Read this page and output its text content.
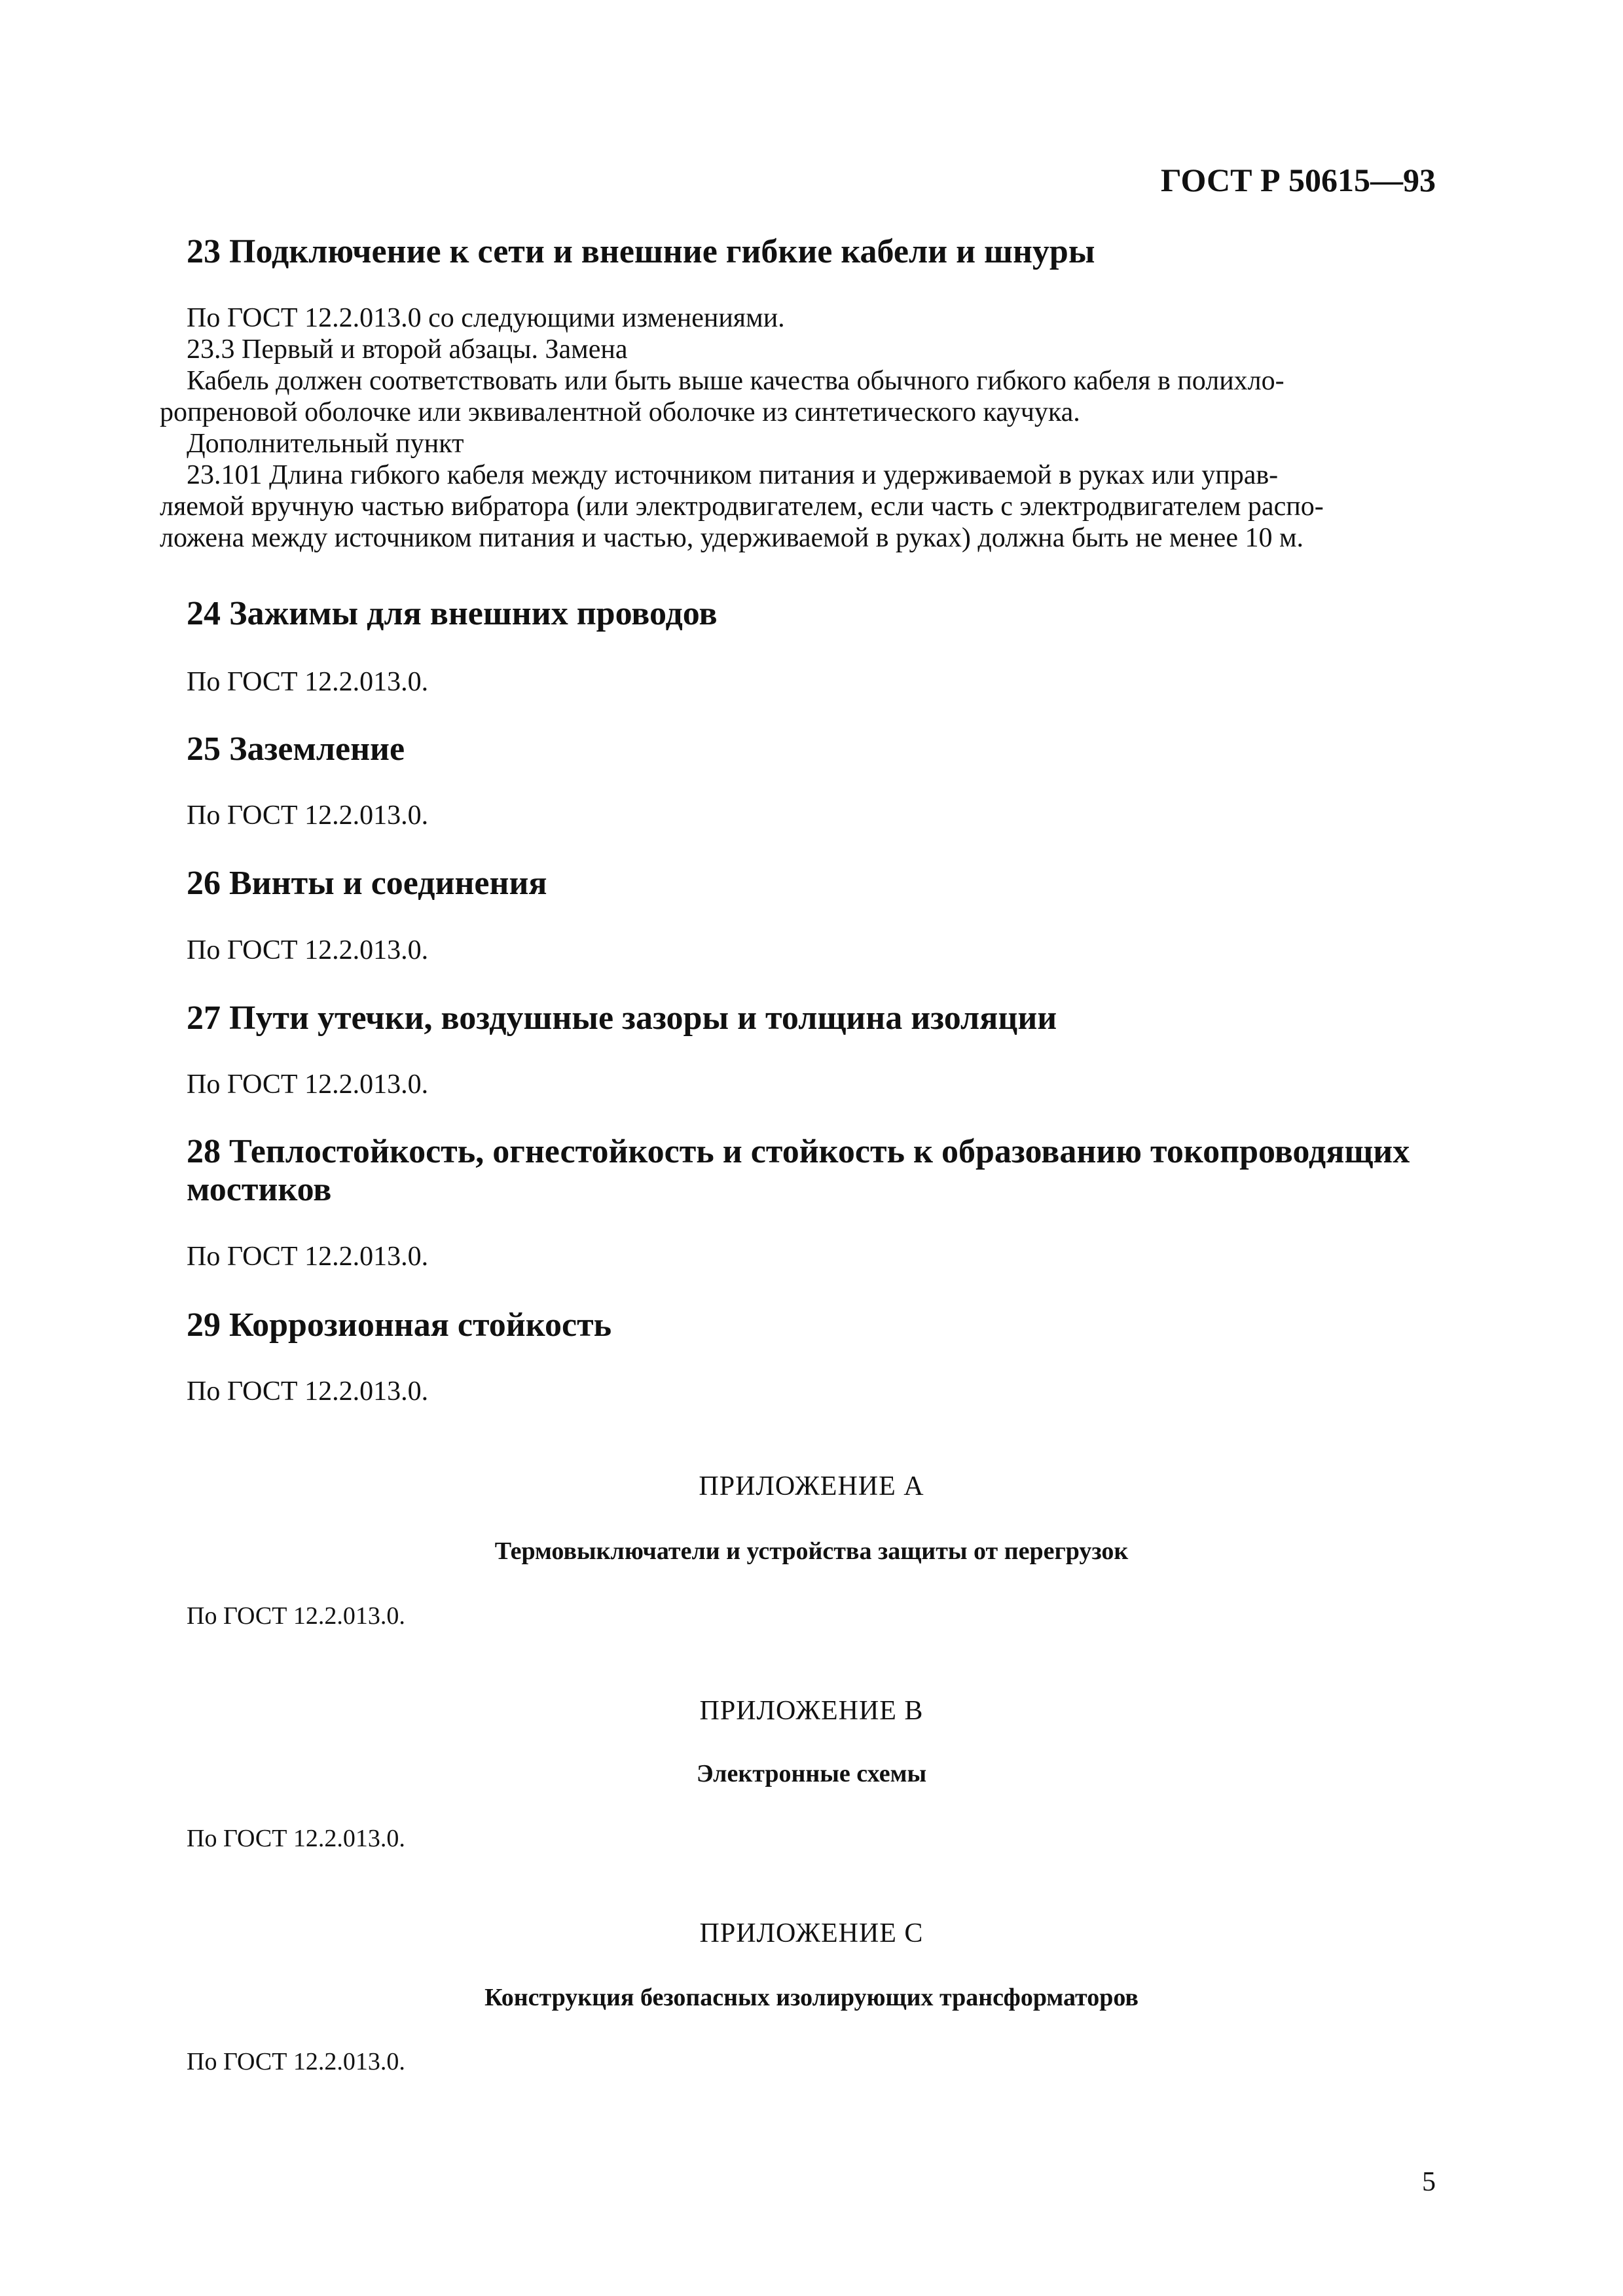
ГОСТ Р 50615—93
23 Подключение к сети и внешние гибкие кабели и шнуры
По ГОСТ 12.2.013.0 со следующими изменениями.
23.3 Первый и второй абзацы. Замена
Кабель должен соответствовать или быть выше качества обычного гибкого кабеля в полихло-
ропреновой оболочке или эквивалентной оболочке из синтетического каучука.
Дополнительный пункт
23.101 Длина гибкого кабеля между источником питания и удерживаемой в руках или управ-
ляемой вручную частью вибратора (или электродвигателем, если часть с электродвигателем распо-
ложена между источником питания и частью, удерживаемой в руках) должна быть не менее 10 м.
24 Зажимы для внешних проводов
По ГОСТ 12.2.013.0.
25 Заземление
По ГОСТ 12.2.013.0.
26 Винты и соединения
По ГОСТ 12.2.013.0.
27 Пути утечки, воздушные зазоры и толщина изоляции
По ГОСТ 12.2.013.0.
28 Теплостойкость, огнестойкость и стойкость к образованию токопроводящих
мостиков
По ГОСТ 12.2.013.0.
29 Коррозионная стойкость
По ГОСТ 12.2.013.0.
ПРИЛОЖЕНИЕ А
Термовыключатели и устройства защиты от перегрузок
По ГОСТ 12.2.013.0.
ПРИЛОЖЕНИЕ В
Электронные схемы
По ГОСТ 12.2.013.0.
ПРИЛОЖЕНИЕ С
Конструкция безопасных изолирующих трансформаторов
По ГОСТ 12.2.013.0.
5
